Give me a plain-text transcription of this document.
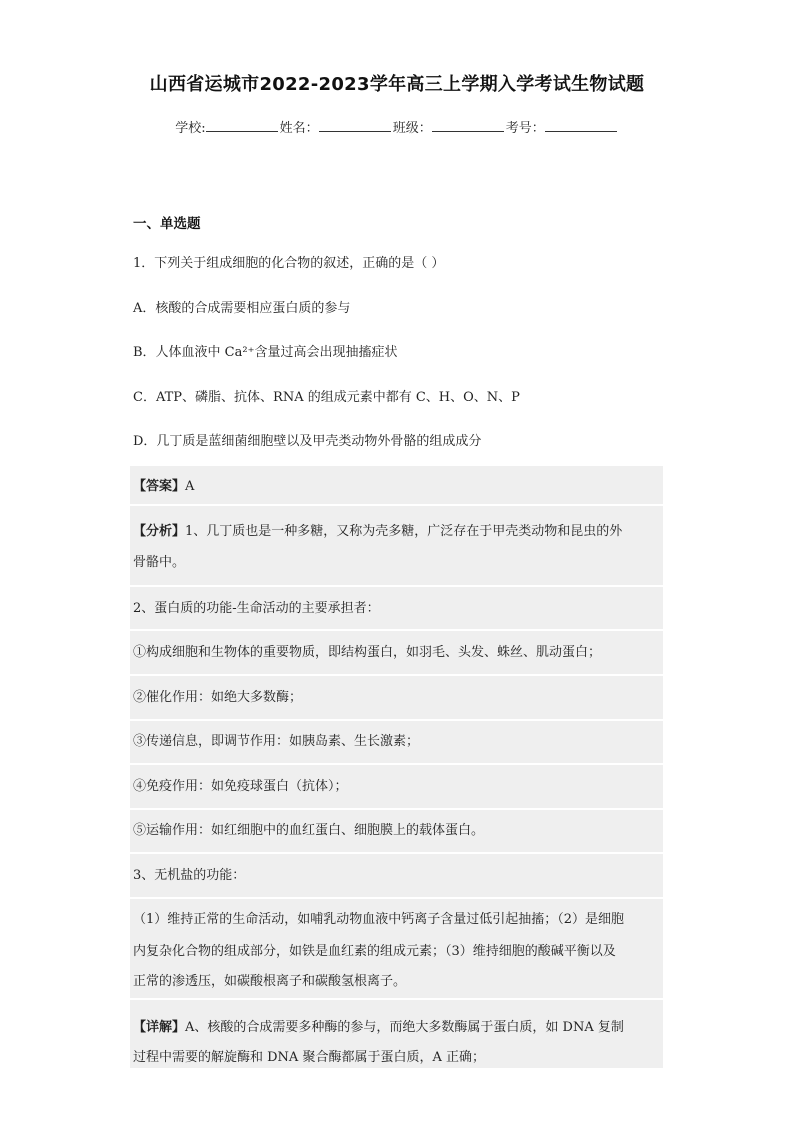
山西省运城市2022-2023学年高三上学期入学考试生物试题
学校:	姓名：	班级：	考号：
一、单选题
1．下列关于组成细胞的化合物的叙述，正确的是（ ）
A．核酸的合成需要相应蛋白质的参与
B．人体血液中 Ca²⁺含量过高会出现抽搐症状
C．ATP、磷脂、抗体、RNA 的组成元素中都有 C、H、O、N、P
D．几丁质是蓝细菌细胞壁以及甲壳类动物外骨骼的组成成分
【答案】A
【分析】1、几丁质也是一种多糖，又称为壳多糖，广泛存在于甲壳类动物和昆虫的外
骨骼中。
2、蛋白质的功能-生命活动的主要承担者：
①构成细胞和生物体的重要物质，即结构蛋白，如羽毛、头发、蛛丝、肌动蛋白；
②催化作用：如绝大多数酶；
③传递信息，即调节作用：如胰岛素、生长激素；
④免疫作用：如免疫球蛋白（抗体）；
⑤运输作用：如红细胞中的血红蛋白、细胞膜上的载体蛋白。
3、无机盐的功能：
（1）维持正常的生命活动，如哺乳动物血液中钙离子含量过低引起抽搐；（2）是细胞
内复杂化合物的组成部分，如铁是血红素的组成元素；（3）维持细胞的酸碱平衡以及
正常的渗透压，如碳酸根离子和碳酸氢根离子。
【详解】A、核酸的合成需要多种酶的参与，而绝大多数酶属于蛋白质，如 DNA 复制
过程中需要的解旋酶和 DNA 聚合酶都属于蛋白质，A 正确；
